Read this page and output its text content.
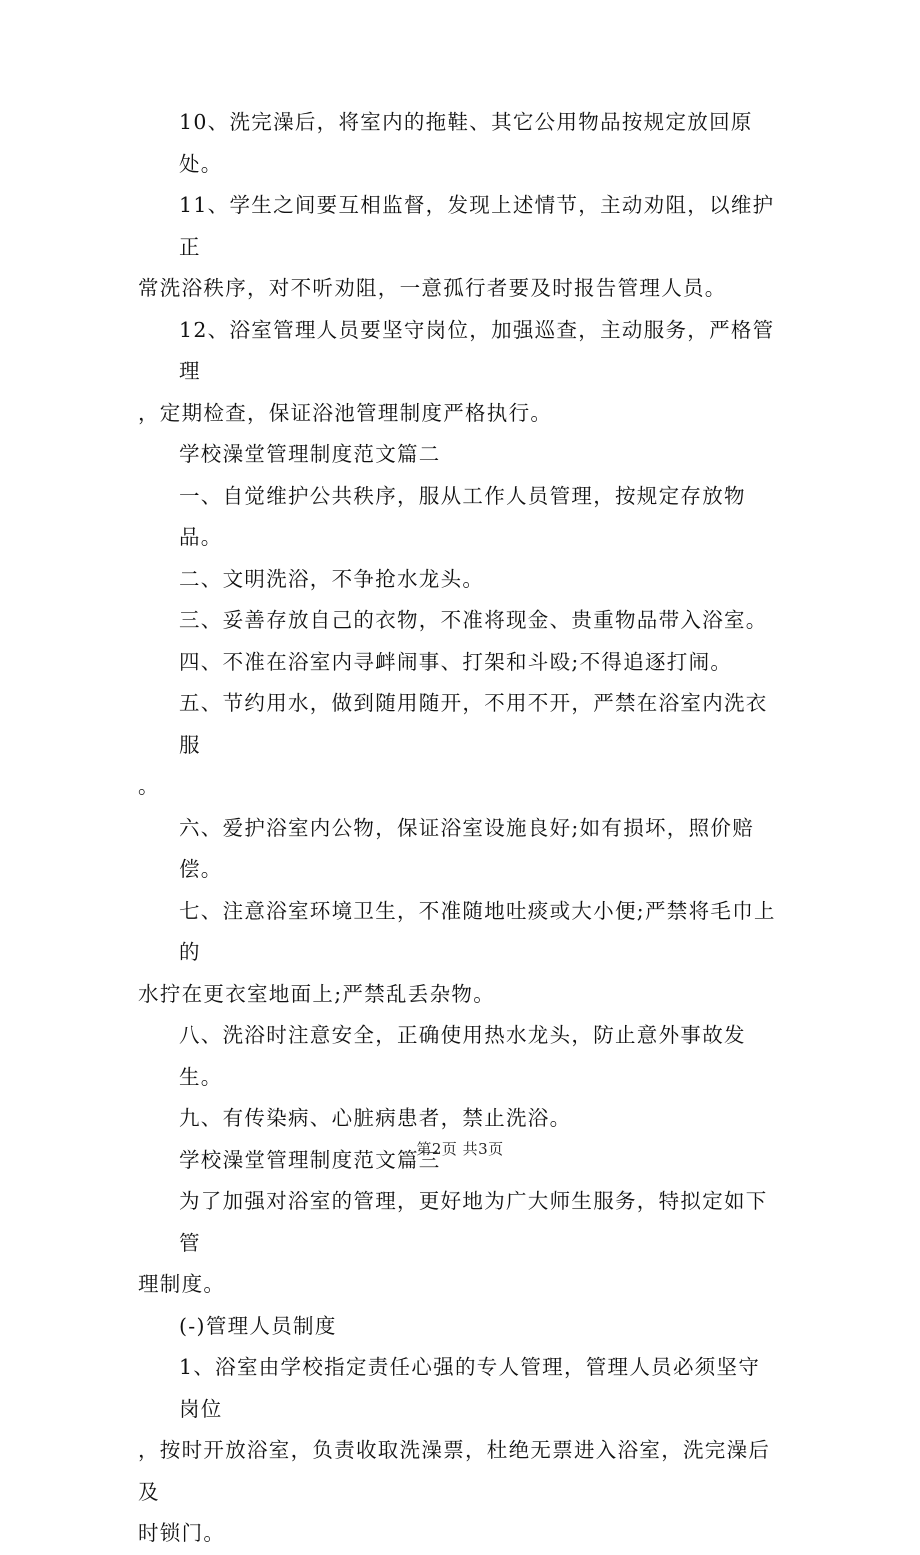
10、洗完澡后，将室内的拖鞋、其它公用物品按规定放回原处。
11、学生之间要互相监督，发现上述情节，主动劝阻，以维护正
常洗浴秩序，对不听劝阻，一意孤行者要及时报告管理人员。
12、浴室管理人员要坚守岗位，加强巡查，主动服务，严格管理
，定期检查，保证浴池管理制度严格执行。
学校澡堂管理制度范文篇二
一、自觉维护公共秩序，服从工作人员管理，按规定存放物品。
二、文明洗浴，不争抢水龙头。
三、妥善存放自己的衣物，不准将现金、贵重物品带入浴室。
四、不准在浴室内寻衅闹事、打架和斗殴;不得追逐打闹。
五、节约用水，做到随用随开，不用不开，严禁在浴室内洗衣服
。
六、爱护浴室内公物，保证浴室设施良好;如有损坏，照价赔偿。
七、注意浴室环境卫生，不准随地吐痰或大小便;严禁将毛巾上的
水拧在更衣室地面上;严禁乱丢杂物。
八、洗浴时注意安全，正确使用热水龙头，防止意外事故发生。
九、有传染病、心脏病患者，禁止洗浴。
学校澡堂管理制度范文篇三
为了加强对浴室的管理，更好地为广大师生服务，特拟定如下管
理制度。
(-)管理人员制度
1、浴室由学校指定责任心强的专人管理，管理人员必须坚守岗位
，按时开放浴室，负责收取洗澡票，杜绝无票进入浴室，洗完澡后及
时锁门。
第2页 共3页
